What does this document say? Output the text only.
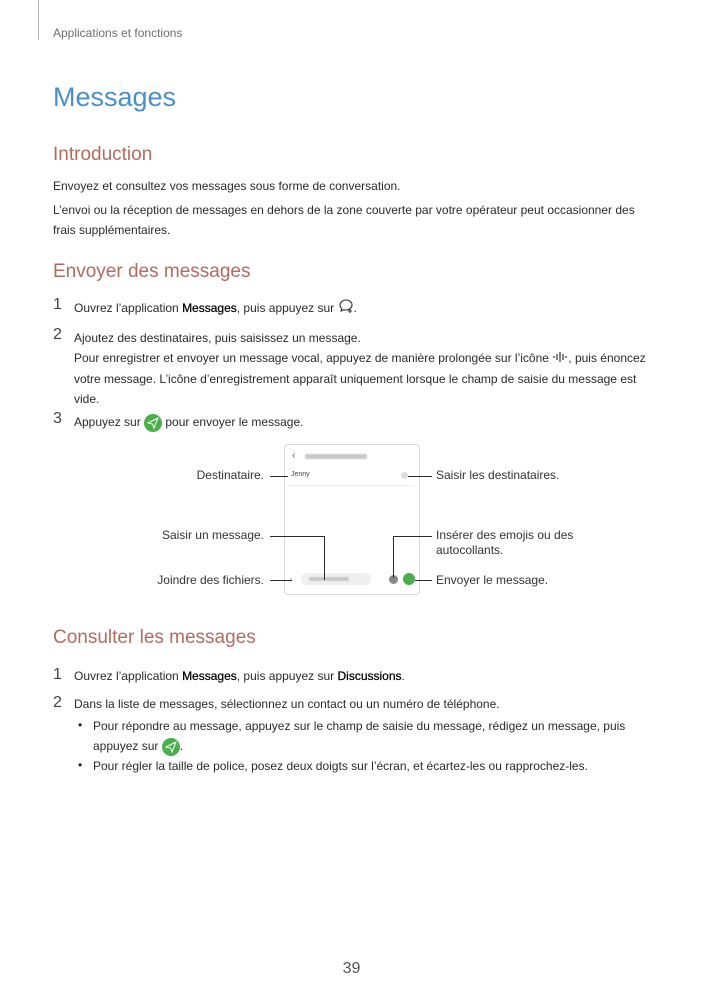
Applications et fonctions
Messages
Introduction
Envoyez et consultez vos messages sous forme de conversation.
L’envoi ou la réception de messages en dehors de la zone couverte par votre opérateur peut occasionner des frais supplémentaires.
Envoyer des messages
1 Ouvrez l’application Messages, puis appuyez sur .
2 Ajoutez des destinataires, puis saisissez un message.
Pour enregistrer et envoyer un message vocal, appuyez de manière prolongée sur l’icône , puis énoncez votre message. L’icône d’enregistrement apparaît uniquement lorsque le champ de saisie du message est vide.
3 Appuyez sur
pour envoyer le message.
‹
Jenny
Destinataire.
Saisir un message.
Joindre des fichiers.
Saisir les destinataires.
Insérer des emojis ou des autocollants.
Envoyer le message.
Consulter les messages
1 Ouvrez l’application Messages, puis appuyez sur Discussions.
2 Dans la liste de messages, sélectionnez un contact ou un numéro de téléphone.
• Pour répondre au message, appuyez sur le champ de saisie du message, rédigez un message, puis appuyez sur
.
• Pour régler la taille de police, posez deux doigts sur l’écran, et écartez-les ou rapprochez-les.
39
